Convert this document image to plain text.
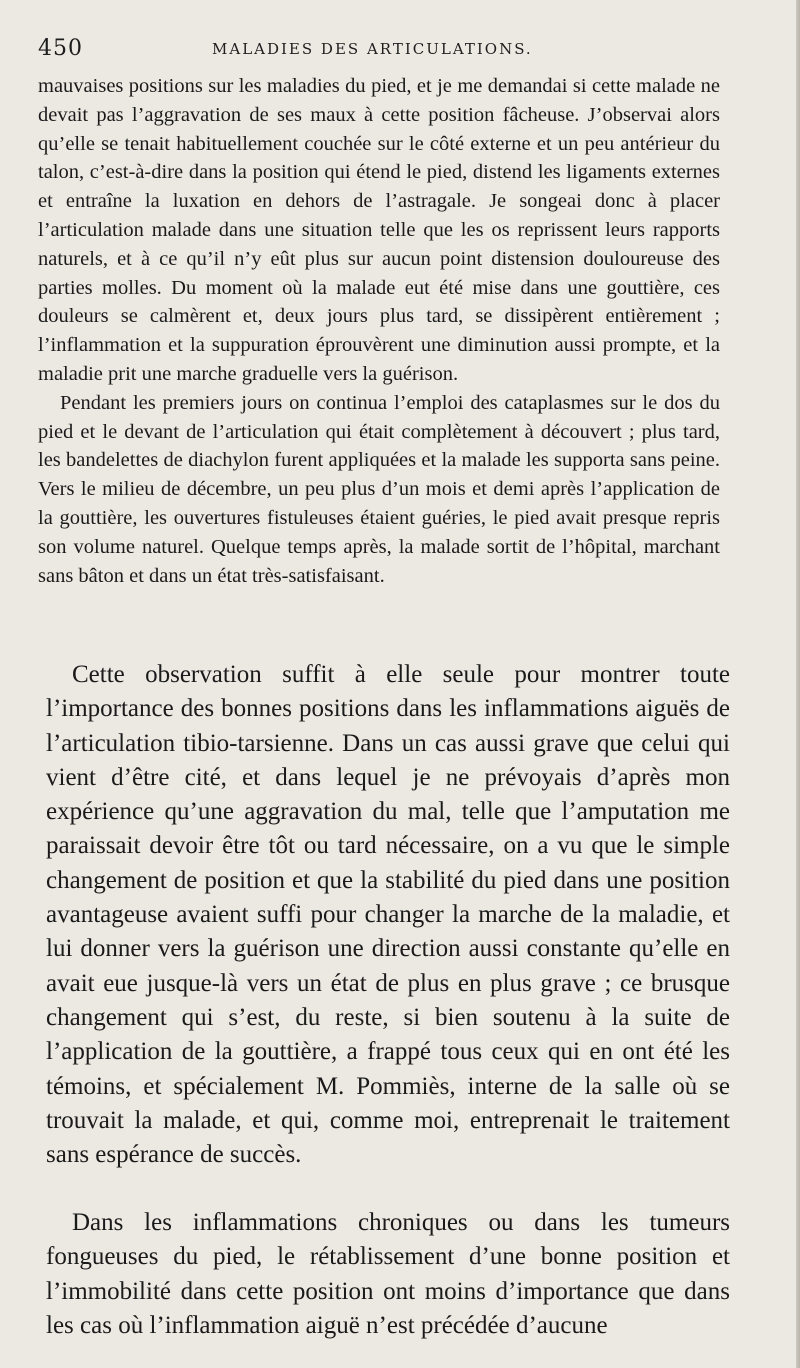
450	MALADIES DES ARTICULATIONS.

mauvaises positions sur les maladies du pied, et je me demandai si cette malade ne devait pas l’aggravation de ses maux à cette position fâcheuse. J’observai alors qu’elle se tenait habituellement couchée sur le côté externe et un peu antérieur du talon, c’est-à-dire dans la position qui étend le pied, distend les ligaments externes et entraîne la luxation en dehors de l’astragale. Je songeai donc à placer l’articulation malade dans une situation telle que les os reprissent leurs rapports naturels, et à ce qu’il n’y eût plus sur aucun point distension douloureuse des parties molles. Du moment où la malade eut été mise dans une gouttière, ces douleurs se calmèrent et, deux jours plus tard, se dissipèrent entièrement ; l’inflammation et la suppuration éprouvèrent une diminution aussi prompte, et la maladie prit une marche graduelle vers la guérison.

Pendant les premiers jours on continua l’emploi des cataplasmes sur le dos du pied et le devant de l’articulation qui était complètement à découvert ; plus tard, les bandelettes de diachylon furent appliquées et la malade les supporta sans peine. Vers le milieu de décembre, un peu plus d’un mois et demi après l’application de la gouttière, les ouvertures fistuleuses étaient guéries, le pied avait presque repris son volume naturel. Quelque temps après, la malade sortit de l’hôpital, marchant sans bâton et dans un état très-satisfaisant.

Cette observation suffit à elle seule pour montrer toute l’importance des bonnes positions dans les inflammations aiguës de l’articulation tibio-tarsienne. Dans un cas aussi grave que celui qui vient d’être cité, et dans lequel je ne prévoyais d’après mon expérience qu’une aggravation du mal, telle que l’amputation me paraissait devoir être tôt ou tard nécessaire, on a vu que le simple changement de position et que la stabilité du pied dans une position avantageuse avaient suffi pour changer la marche de la maladie, et lui donner vers la guérison une direction aussi constante qu’elle en avait eue jusque-là vers un état de plus en plus grave ; ce brusque changement qui s’est, du reste, si bien soutenu à la suite de l’application de la gouttière, a frappé tous ceux qui en ont été les témoins, et spécialement M. Pommiès, interne de la salle où se trouvait la malade, et qui, comme moi, entreprenait le traitement sans espérance de succès.

Dans les inflammations chroniques ou dans les tumeurs fongueuses du pied, le rétablissement d’une bonne position et l’immobilité dans cette position ont moins d’importance que dans les cas où l’inflammation aiguë n’est précédée d’aucune
